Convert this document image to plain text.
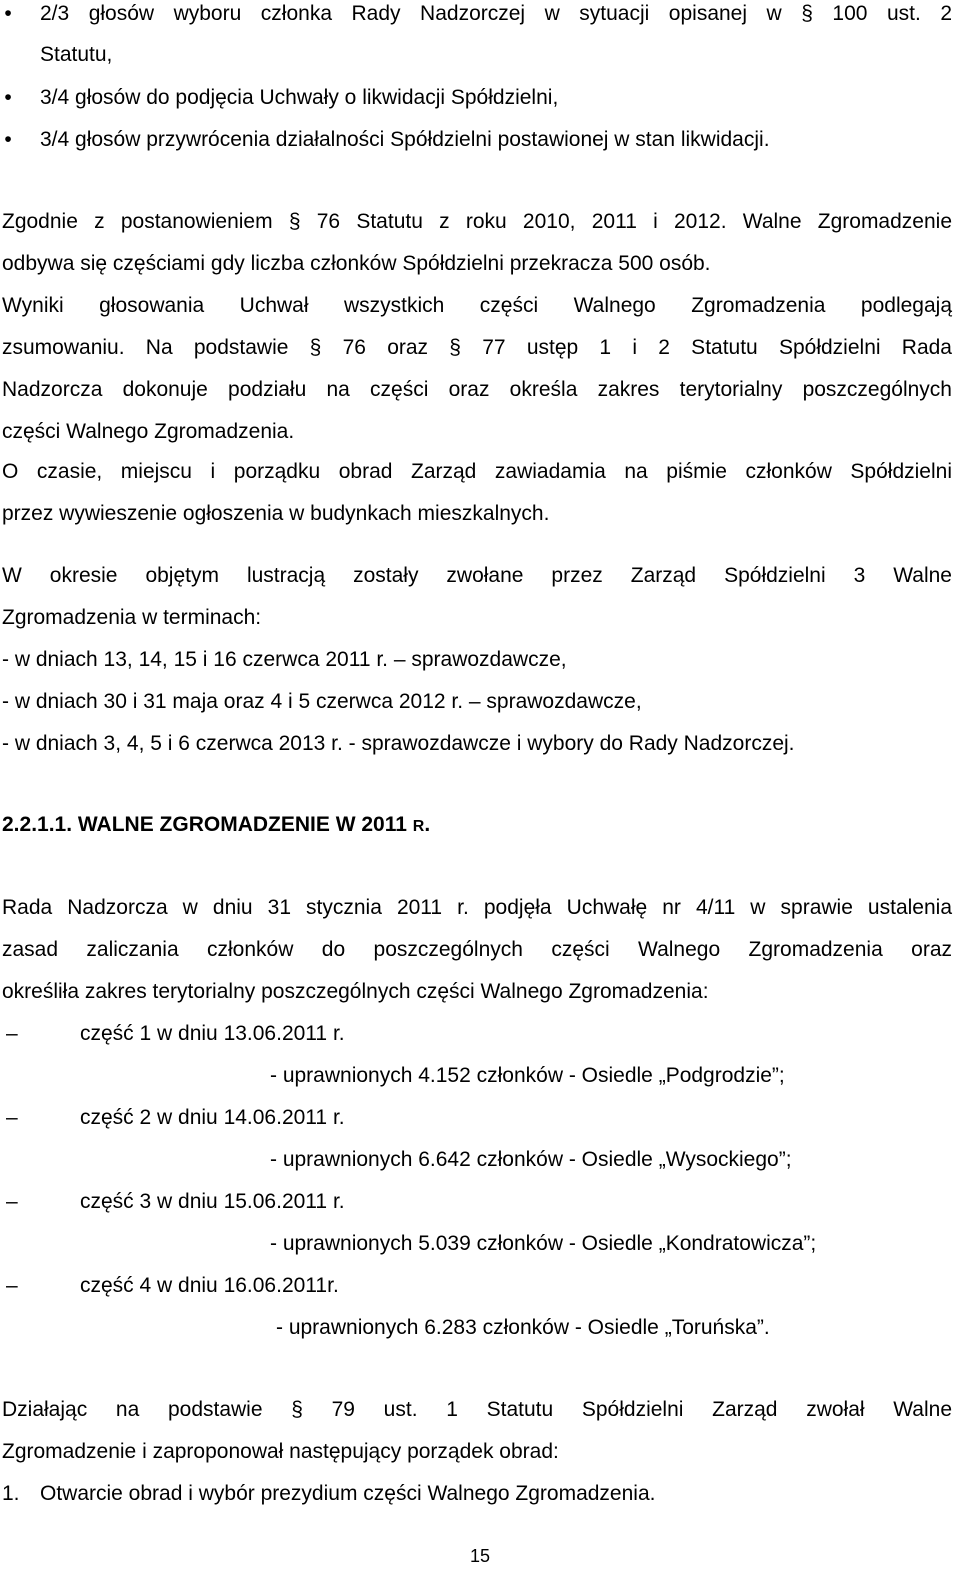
• 2/3 głosów wyboru członka Rady Nadzorczej w sytuacji opisanej w § 100 ust. 2
Statutu,
• 3/4 głosów do podjęcia Uchwały o likwidacji Spółdzielni,
• 3/4 głosów przywrócenia działalności Spółdzielni postawionej w stan likwidacji.
Zgodnie z postanowieniem § 76 Statutu z roku 2010, 2011 i 2012. Walne Zgromadzenie
odbywa się częściami gdy liczba członków Spółdzielni przekracza 500 osób.
Wyniki głosowania Uchwał wszystkich części Walnego Zgromadzenia podlegają
zsumowaniu. Na podstawie § 76 oraz § 77 ustęp 1 i 2 Statutu Spółdzielni Rada
Nadzorcza dokonuje podziału na części oraz określa zakres terytorialny poszczególnych
części Walnego Zgromadzenia.
O czasie, miejscu i porządku obrad Zarząd zawiadamia na piśmie członków Spółdzielni
przez wywieszenie ogłoszenia w budynkach mieszkalnych.
W okresie objętym lustracją zostały zwołane przez Zarząd Spółdzielni 3 Walne
Zgromadzenia w terminach:
- w dniach 13, 14, 15 i 16 czerwca 2011 r. – sprawozdawcze,
- w dniach 30 i 31 maja oraz 4 i 5 czerwca 2012 r. – sprawozdawcze,
- w dniach 3, 4, 5 i 6 czerwca 2013 r. - sprawozdawcze i wybory do Rady Nadzorczej.
2.2.1.1. WALNE ZGROMADZENIE W 2011 R.
Rada Nadzorcza w dniu 31 stycznia 2011 r. podjęła Uchwałę nr 4/11 w sprawie ustalenia
zasad zaliczania członków do poszczególnych części Walnego Zgromadzenia oraz
określiła zakres terytorialny poszczególnych części Walnego Zgromadzenia:
–	część 1 w dniu 13.06.2011 r.
- uprawnionych 4.152 członków - Osiedle „Podgrodzie”;
–	część 2 w dniu 14.06.2011 r.
- uprawnionych 6.642 członków - Osiedle „Wysockiego”;
–	część 3 w dniu 15.06.2011 r.
- uprawnionych 5.039 członków - Osiedle „Kondratowicza”;
–	część 4 w dniu 16.06.2011r.
- uprawnionych 6.283 członków - Osiedle „Toruńska”.
Działając na podstawie § 79 ust. 1 Statutu Spółdzielni Zarząd zwołał Walne
Zgromadzenie i zaproponował następujący porządek obrad:
1. Otwarcie obrad i wybór prezydium części Walnego Zgromadzenia.
15
